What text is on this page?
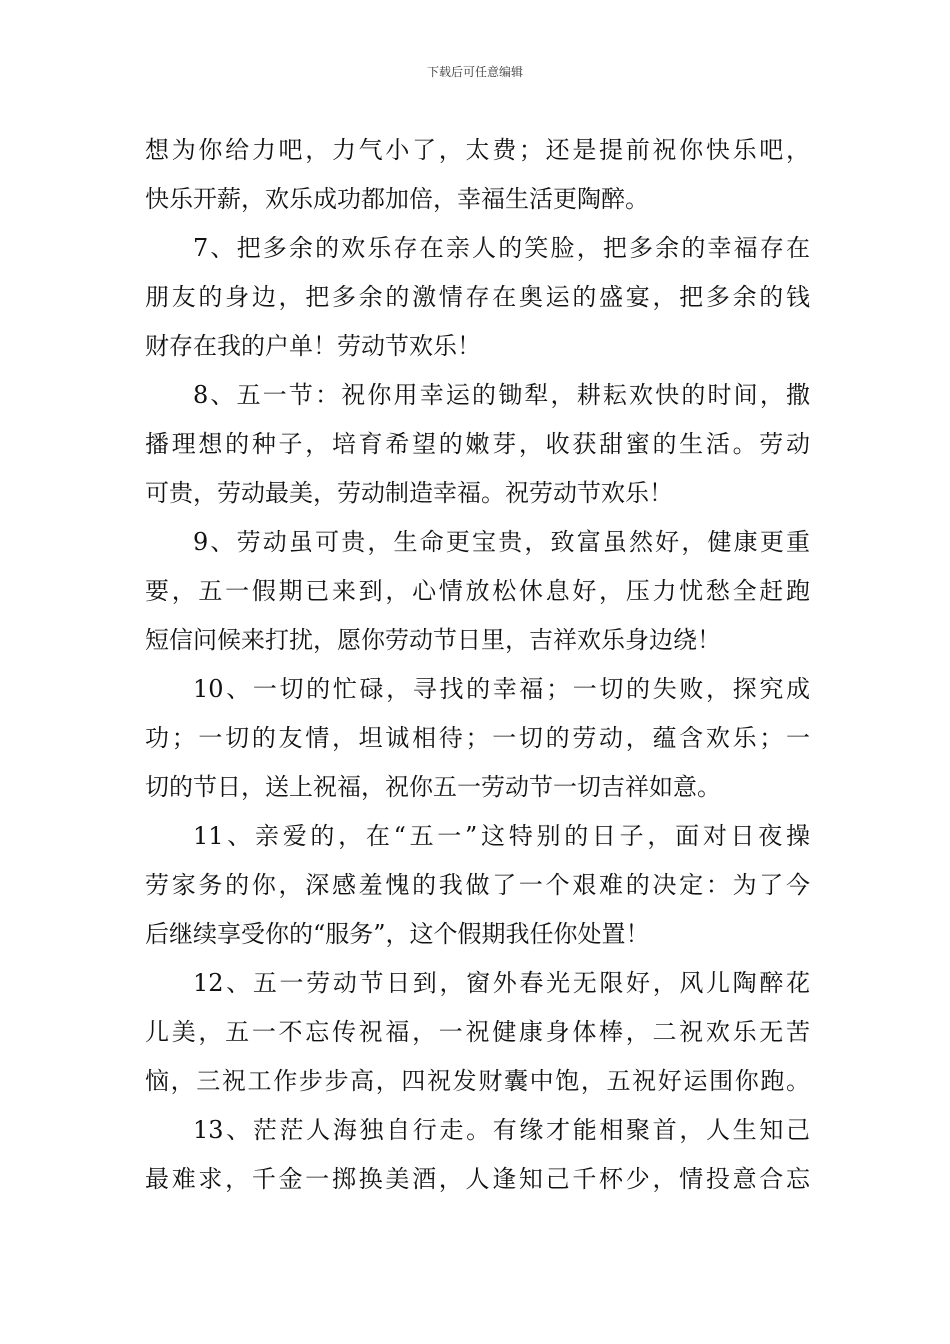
下载后可任意编辑
想为你给力吧，力气小了，太费；还是提前祝你快乐吧，
快乐开薪，欢乐成功都加倍，幸福生活更陶醉。
7、把多余的欢乐存在亲人的笑脸，把多余的幸福存在
朋友的身边，把多余的激情存在奥运的盛宴，把多余的钱
财存在我的户单！劳动节欢乐！
8、五一节：祝你用幸运的锄犁，耕耘欢快的时间，撒
播理想的种子，培育希望的嫩芽，收获甜蜜的生活。劳动
可贵，劳动最美，劳动制造幸福。祝劳动节欢乐！
9、劳动虽可贵，生命更宝贵，致富虽然好，健康更重
要，五一假期已来到，心情放松休息好，压力忧愁全赶跑
短信问候来打扰，愿你劳动节日里，吉祥欢乐身边绕！
10、一切的忙碌，寻找的幸福；一切的失败，探究成
功；一切的友情，坦诚相待；一切的劳动，蕴含欢乐；一
切的节日，送上祝福，祝你五一劳动节一切吉祥如意。
11、亲爱的，在“五一”这特别的日子，面对日夜操
劳家务的你，深感羞愧的我做了一个艰难的决定：为了今
后继续享受你的“服务”，这个假期我任你处置！
12、五一劳动节日到，窗外春光无限好，风儿陶醉花
儿美，五一不忘传祝福，一祝健康身体棒，二祝欢乐无苦
恼，三祝工作步步高，四祝发财囊中饱，五祝好运围你跑。
13、茫茫人海独自行走。有缘才能相聚首，人生知己
最难求，千金一掷换美酒，人逢知己千杯少，情投意合忘
